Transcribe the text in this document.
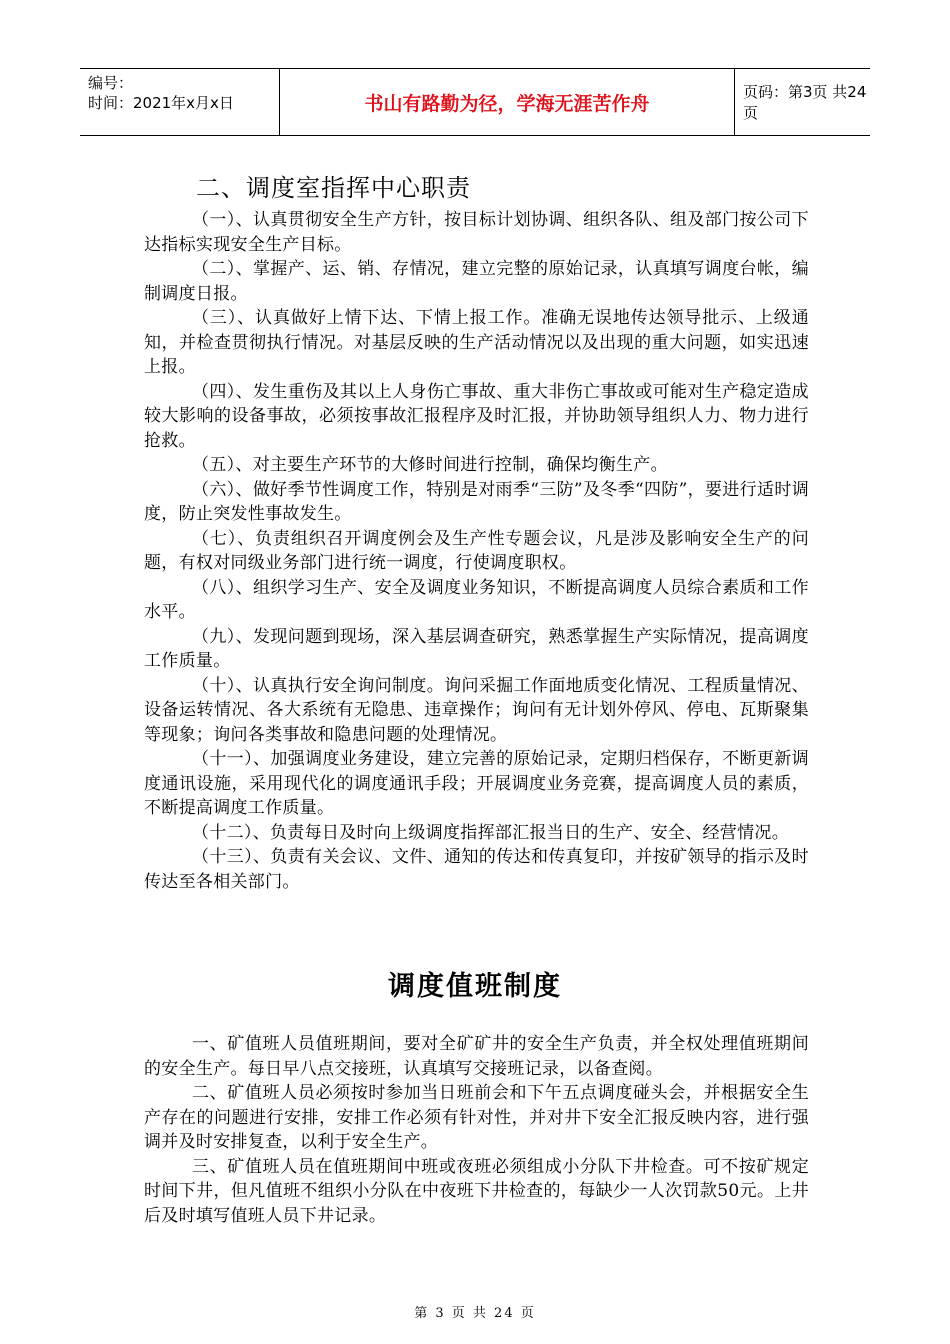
编号：
时间：2021年x月x日	书山有路勤为径，学海无涯苦作舟
页码：第3页 共24页
二、调度室指挥中心职责

（一）、认真贯彻安全生产方针，按目标计划协调、组织各队、组及部门按公司下达指标实现安全生产目标。

（二）、掌握产、运、销、存情况，建立完整的原始记录，认真填写调度台帐，编制调度日报。

（三）、认真做好上情下达、下情上报工作。准确无误地传达领导批示、上级通知，并检查贯彻执行情况。对基层反映的生产活动情况以及出现的重大问题，如实迅速上报。

（四）、发生重伤及其以上人身伤亡事故、重大非伤亡事故或可能对生产稳定造成较大影响的设备事故，必须按事故汇报程序及时汇报，并协助领导组织人力、物力进行抢救。

（五）、对主要生产环节的大修时间进行控制，确保均衡生产。

（六）、做好季节性调度工作，特别是对雨季“三防”及冬季“四防”，要进行适时调度，防止突发性事故发生。

（七）、负责组织召开调度例会及生产性专题会议，凡是涉及影响安全生产的问题，有权对同级业务部门进行统一调度，行使调度职权。

（八）、组织学习生产、安全及调度业务知识，不断提高调度人员综合素质和工作水平。

（九）、发现问题到现场，深入基层调查研究，熟悉掌握生产实际情况，提高调度工作质量。

（十）、认真执行安全询问制度。询问采掘工作面地质变化情况、工程质量情况、设备运转情况、各大系统有无隐患、违章操作；询问有无计划外停风、停电、瓦斯聚集等现象；询问各类事故和隐患问题的处理情况。

（十一）、加强调度业务建设，建立完善的原始记录，定期归档保存，不断更新调度通讯设施，采用现代化的调度通讯手段；开展调度业务竞赛，提高调度人员的素质，不断提高调度工作质量。

（十二）、负责每日及时向上级调度指挥部汇报当日的生产、安全、经营情况。

（十三）、负责有关会议、文件、通知的传达和传真复印，并按矿领导的指示及时传达至各相关部门。

调度值班制度

一、矿值班人员值班期间，要对全矿矿井的安全生产负责，并全权处理值班期间的安全生产。每日早八点交接班，认真填写交接班记录，以备查阅。

二、矿值班人员必须按时参加当日班前会和下午五点调度碰头会，并根据安全生产存在的问题进行安排，安排工作必须有针对性，并对井下安全汇报反映内容，进行强调并及时安排复查，以利于安全生产。

三、矿值班人员在值班期间中班或夜班必须组成小分队下井检查。可不按矿规定时间下井，但凡值班不组织小分队在中夜班下井检查的，每缺少一人次罚款50元。上井后及时填写值班人员下井记录。

第 3 页 共 24 页
